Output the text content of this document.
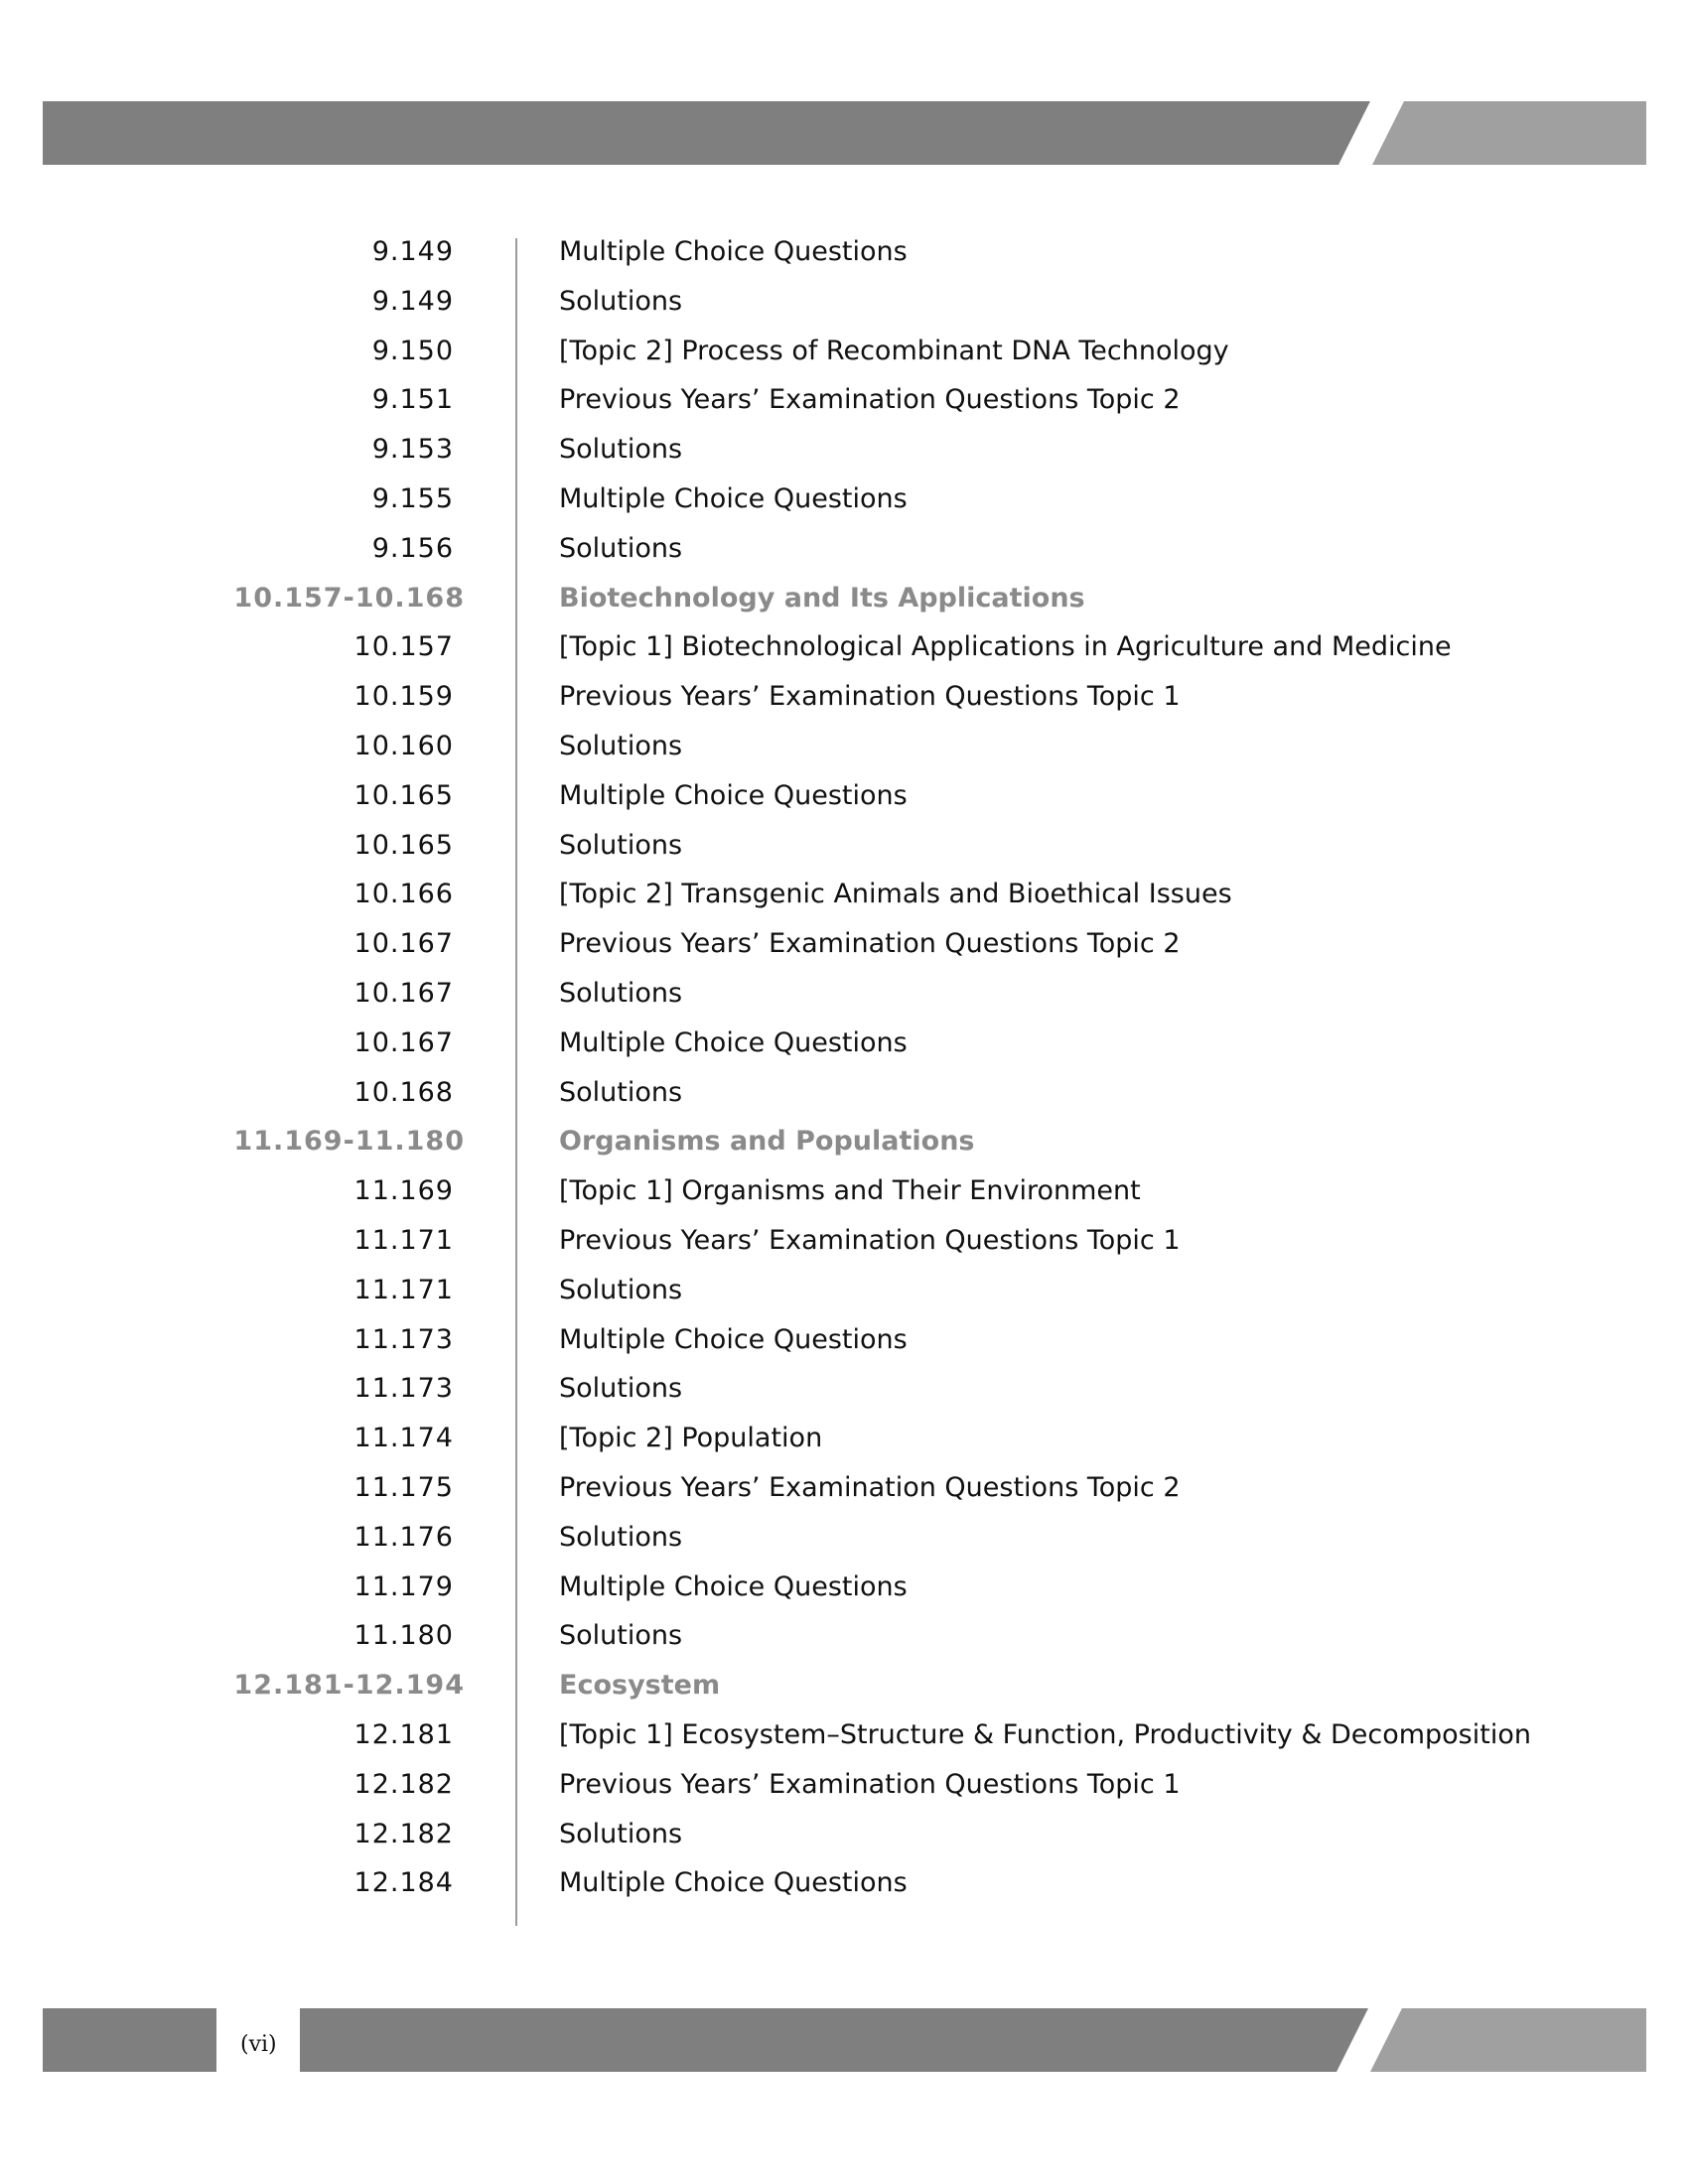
9.149	Multiple Choice Questions
9.149	Solutions
9.150	[Topic 2] Process of Recombinant DNA Technology
9.151	Previous Years’ Examination Questions Topic 2
9.153	Solutions
9.155	Multiple Choice Questions
9.156	Solutions
10.157-10.168	Biotechnology and Its Applications
10.157	[Topic 1] Biotechnological Applications in Agriculture and Medicine
10.159	Previous Years’ Examination Questions Topic 1
10.160	Solutions
10.165	Multiple Choice Questions
10.165	Solutions
10.166	[Topic 2] Transgenic Animals and Bioethical Issues
10.167	Previous Years’ Examination Questions Topic 2
10.167	Solutions
10.167	Multiple Choice Questions
10.168	Solutions
11.169-11.180	Organisms and Populations
11.169	[Topic 1] Organisms and Their Environment
11.171	Previous Years’ Examination Questions Topic 1
11.171	Solutions
11.173	Multiple Choice Questions
11.173	Solutions
11.174	[Topic 2] Population
11.175	Previous Years’ Examination Questions Topic 2
11.176	Solutions
11.179	Multiple Choice Questions
11.180	Solutions
12.181-12.194	Ecosystem
12.181	[Topic 1] Ecosystem–Structure & Function, Productivity & Decomposition
12.182	Previous Years’ Examination Questions Topic 1
12.182	Solutions
12.184	Multiple Choice Questions
(vi)
